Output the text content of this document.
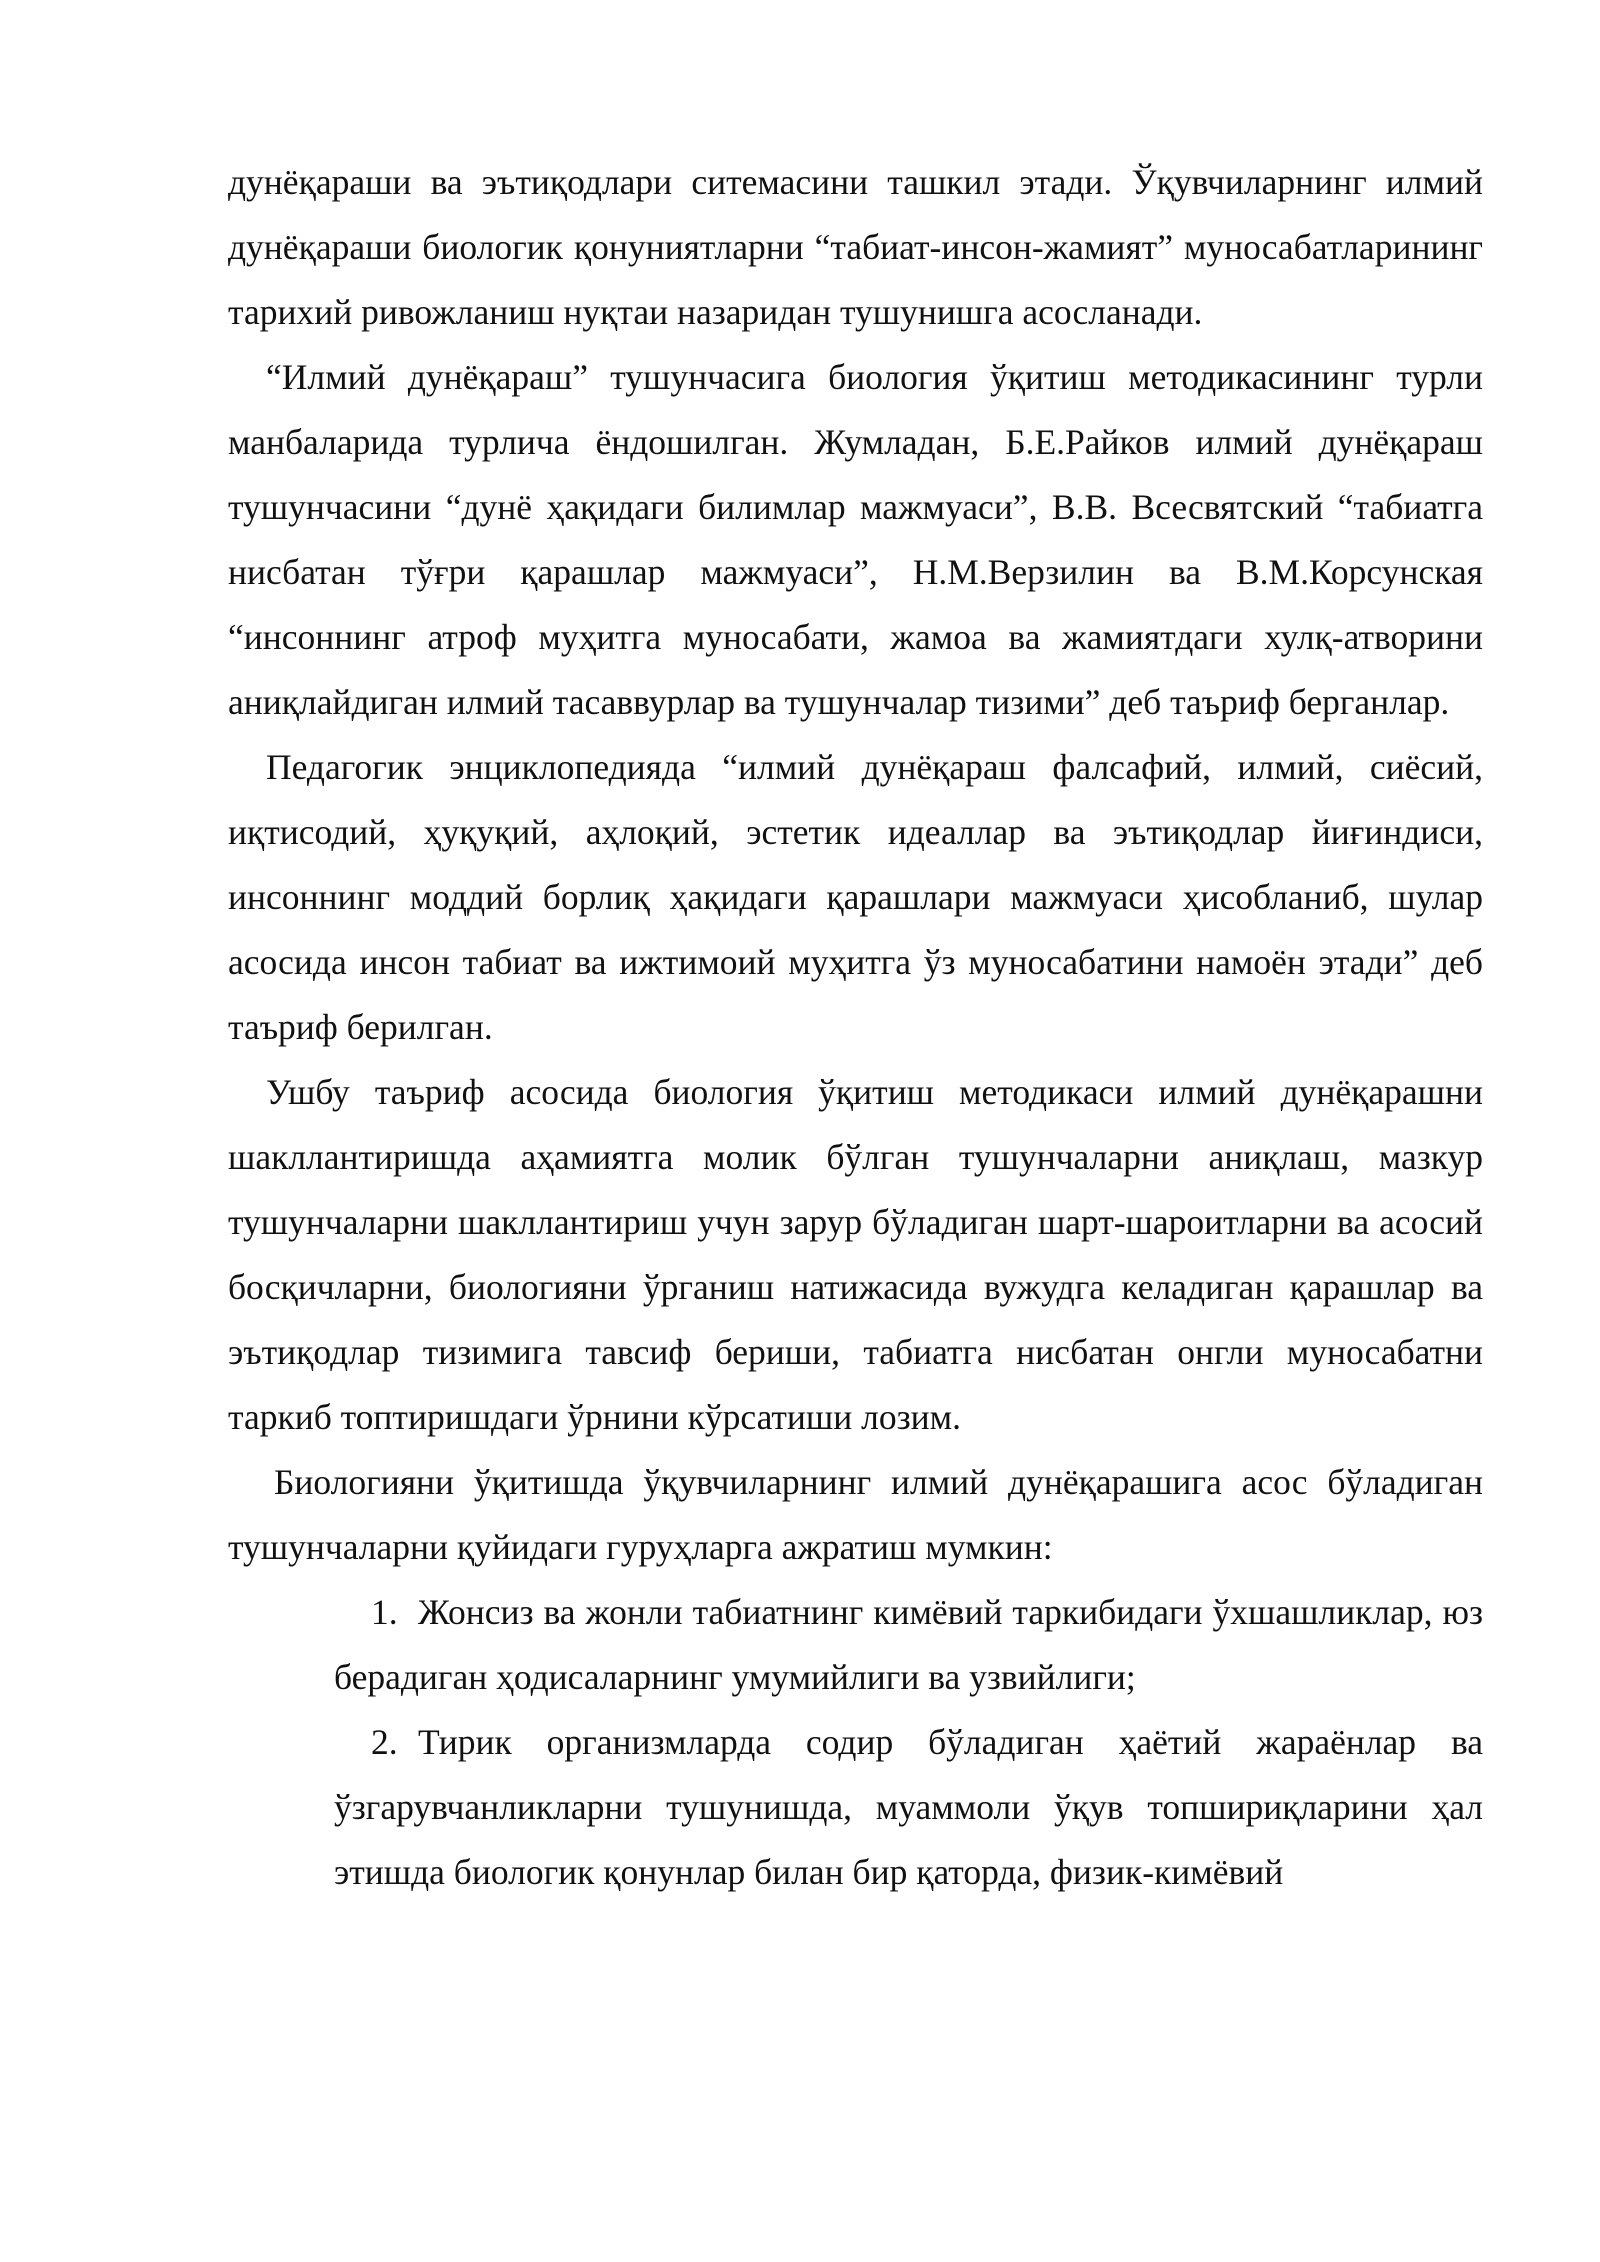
дунёқараши ва эътиқодлари ситемасини ташкил этади. Ўқувчиларнинг илмий дунёқараши биологик қонуниятларни “табиат-инсон-жамият” муносабатларининг тарихий ривожланиш нуқтаи назаридан тушунишга асосланади.

“Илмий дунёқараш” тушунчасига биология ўқитиш методикасининг турли манбаларида турлича ёндошилган. Жумладан, Б.Е.Райков илмий дунёқараш тушунчасини “дунё ҳақидаги билимлар мажмуаси”, В.В. Всесвятский “табиатга нисбатан тўғри қарашлар мажмуаси”, Н.М.Верзилин ва В.М.Корсунская “инсоннинг атроф муҳитга муносабати, жамоа ва жамиятдаги хулқ-атворини аниқлайдиган илмий тасаввурлар ва тушунчалар тизими” деб таъриф берганлар.

Педагогик энциклопедияда “илмий дунёқараш фалсафий, илмий, сиёсий, иқтисодий, ҳуқуқий, аҳлоқий, эстетик идеаллар ва эътиқодлар йиғиндиси, инсоннинг моддий борлиқ ҳақидаги қарашлари мажмуаси ҳисобланиб, шулар асосида инсон табиат ва ижтимоий муҳитга ўз муносабатини намоён этади” деб таъриф берилган.

Ушбу таъриф асосида биология ўқитиш методикаси илмий дунёқарашни шакллантиришда аҳамиятга молик бўлган тушунчаларни аниқлаш, мазкур тушунчаларни шакллантириш учун зарур бўладиган шарт-шароитларни ва асосий босқичларни, биологияни ўрганиш натижасида вужудга келадиган қарашлар ва эътиқодлар тизимига тавсиф бериши, табиатга нисбатан онгли муносабатни таркиб топтиришдаги ўрнини кўрсатиши лозим.

Биологияни ўқитишда ўқувчиларнинг илмий дунёқарашига асос бўладиган тушунчаларни қуйидаги гуруҳларга ажратиш мумкин:

1. Жонсиз ва жонли табиатнинг кимёвий таркибидаги ўхшашликлар, юз берадиган ҳодисаларнинг умумийлиги ва узвийлиги;

2. Тирик организмларда содир бўладиган ҳаётий жараёнлар ва ўзгарувчанликларни тушунишда, муаммоли ўқув топшириқларини ҳал этишда биологик қонунлар билан бир қаторда, физик-кимёвий
